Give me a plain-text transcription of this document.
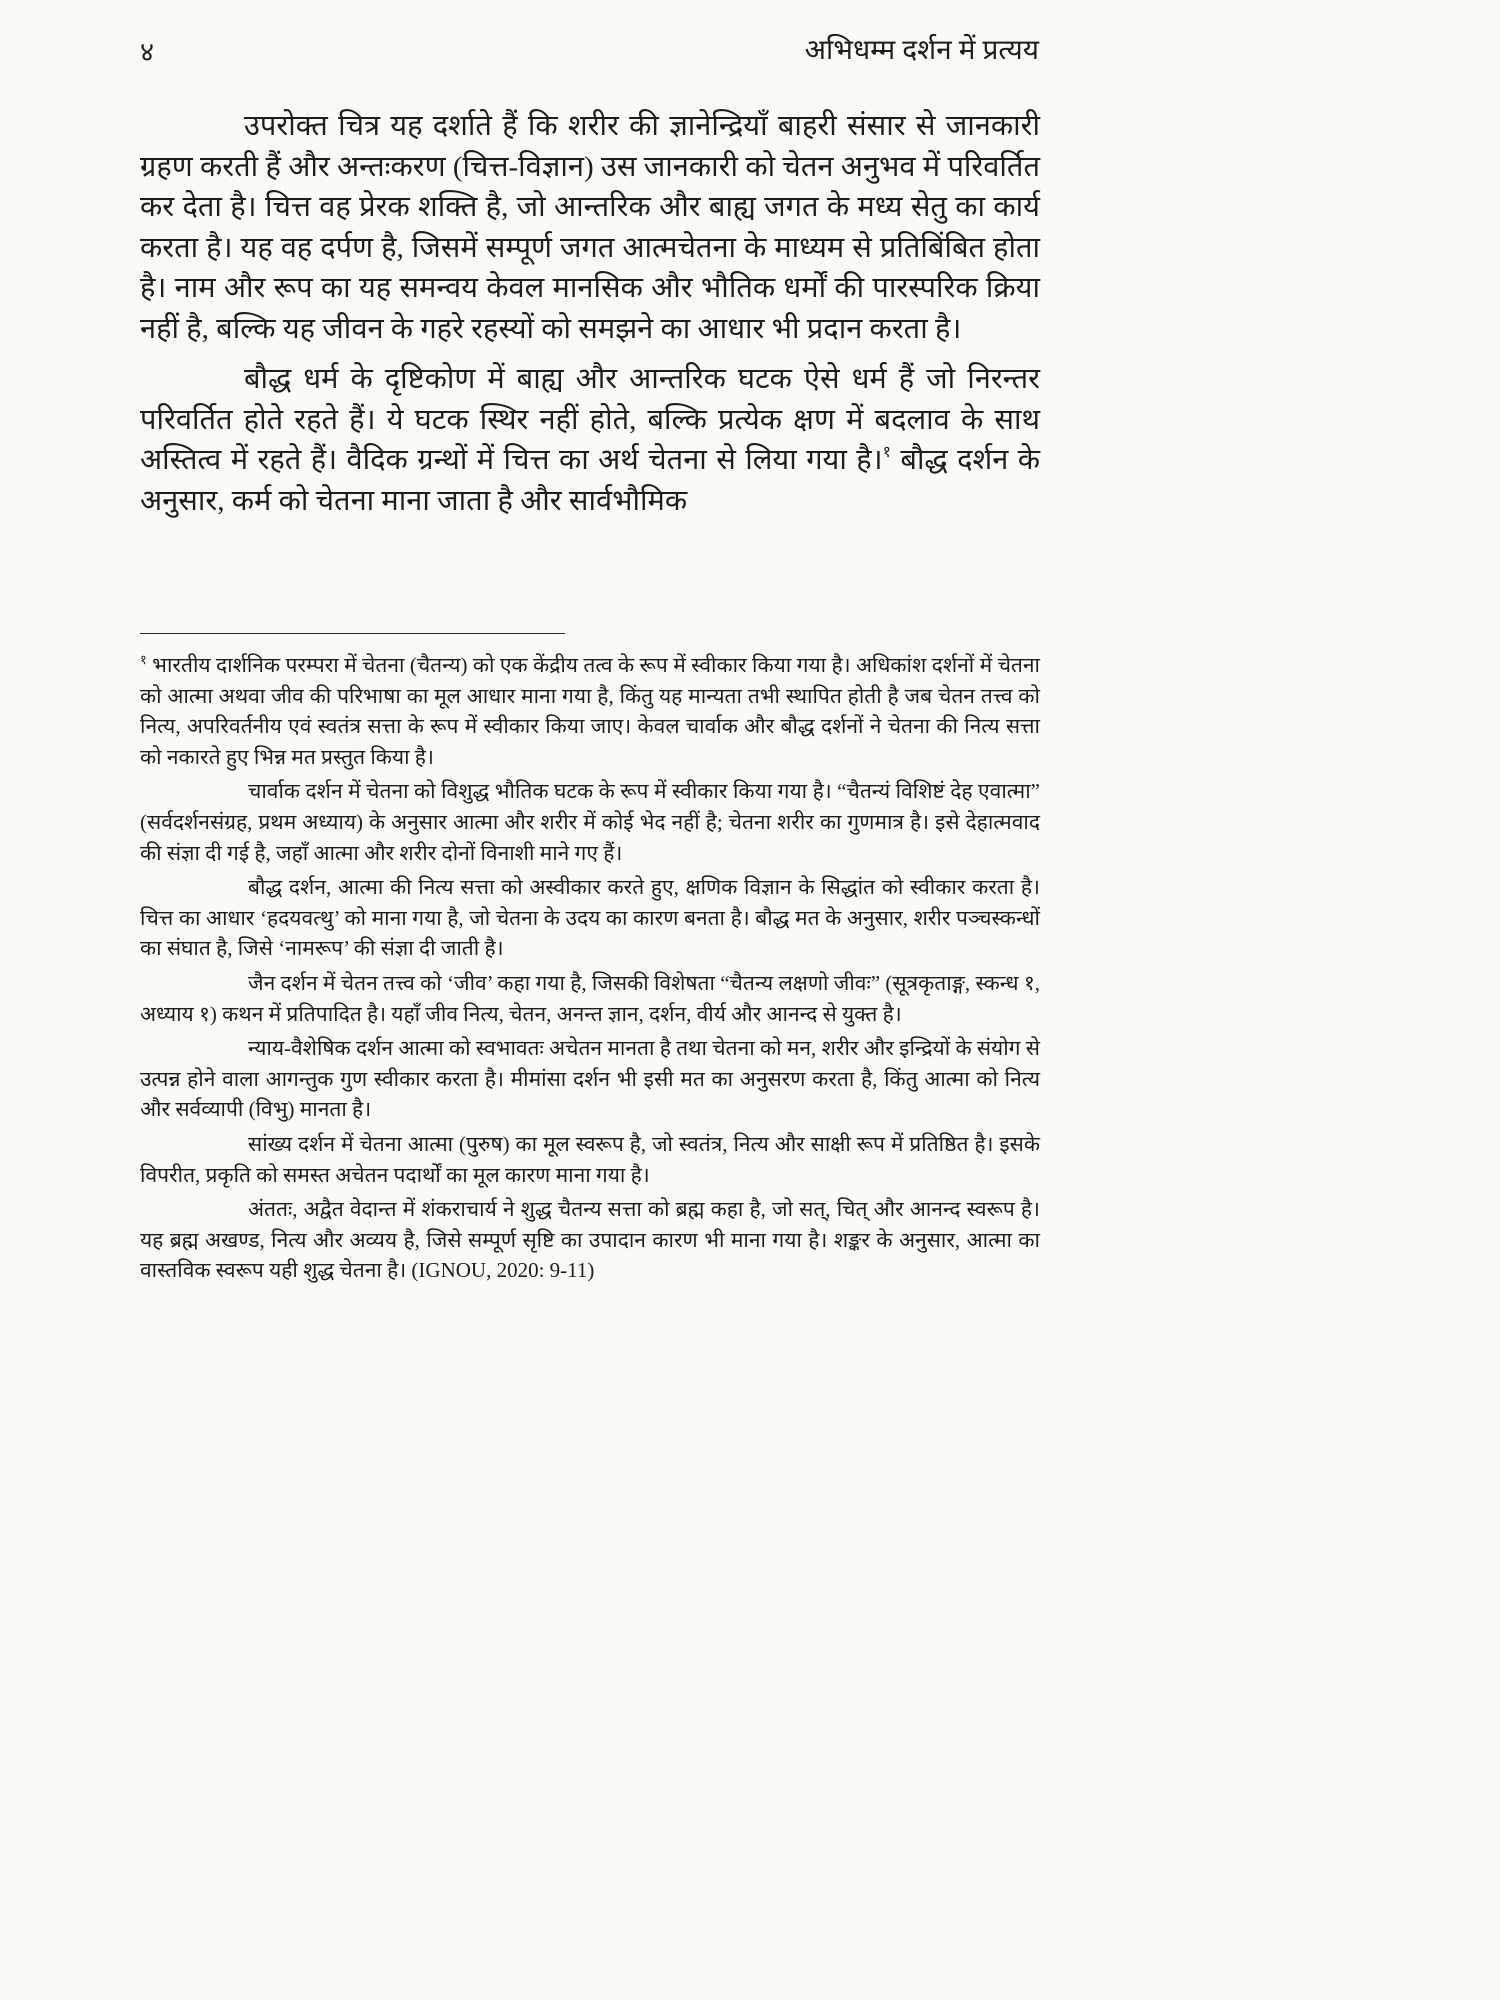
४	अभिधम्म दर्शन में प्रत्यय

उपरोक्त चित्र यह दर्शाते हैं कि शरीर की ज्ञानेन्द्रियाँ बाहरी संसार से जानकारी ग्रहण करती हैं और अन्तःकरण (चित्त-विज्ञान) उस जानकारी को चेतन अनुभव में परिवर्तित कर देता है। चित्त वह प्रेरक शक्ति है, जो आन्तरिक और बाह्य जगत के मध्य सेतु का कार्य करता है। यह वह दर्पण है, जिसमें सम्पूर्ण जगत आत्मचेतना के माध्यम से प्रतिबिंबित होता है। नाम और रूप का यह समन्वय केवल मानसिक और भौतिक धर्मों की पारस्परिक क्रिया नहीं है, बल्कि यह जीवन के गहरे रहस्यों को समझने का आधार भी प्रदान करता है।

बौद्ध धर्म के दृष्टिकोण में बाह्य और आन्तरिक घटक ऐसे धर्म हैं जो निरन्तर परिवर्तित होते रहते हैं। ये घटक स्थिर नहीं होते, बल्कि प्रत्येक क्षण में बदलाव के साथ अस्तित्व में रहते हैं। वैदिक ग्रन्थों में चित्त का अर्थ चेतना से लिया गया है।$^१$ बौद्ध दर्शन के अनुसार, कर्म को चेतना माना जाता है और सार्वभौमिक

$^१$ भारतीय दार्शनिक परम्परा में चेतना (चैतन्य) को एक केंद्रीय तत्व के रूप में स्वीकार किया गया है। अधिकांश दर्शनों में चेतना को आत्मा अथवा जीव की परिभाषा का मूल आधार माना गया है, किंतु यह मान्यता तभी स्थापित होती है जब चेतन तत्त्व को नित्य, अपरिवर्तनीय एवं स्वतंत्र सत्ता के रूप में स्वीकार किया जाए। केवल चार्वाक और बौद्ध दर्शनों ने चेतना की नित्य सत्ता को नकारते हुए भिन्न मत प्रस्तुत किया है।

चार्वाक दर्शन में चेतना को विशुद्ध भौतिक घटक के रूप में स्वीकार किया गया है। “चैतन्यं विशिष्टं देह एवात्मा” (सर्वदर्शनसंग्रह, प्रथम अध्याय) के अनुसार आत्मा और शरीर में कोई भेद नहीं है; चेतना शरीर का गुणमात्र है। इसे देहात्मवाद की संज्ञा दी गई है, जहाँ आत्मा और शरीर दोनों विनाशी माने गए हैं।

बौद्ध दर्शन, आत्मा की नित्य सत्ता को अस्वीकार करते हुए, क्षणिक विज्ञान के सिद्धांत को स्वीकार करता है। चित्त का आधार ‘हदयवत्थु’ को माना गया है, जो चेतना के उदय का कारण बनता है। बौद्ध मत के अनुसार, शरीर पञ्चस्कन्धों का संघात है, जिसे ‘नामरूप’ की संज्ञा दी जाती है।

जैन दर्शन में चेतन तत्त्व को ‘जीव’ कहा गया है, जिसकी विशेषता “चैतन्य लक्षणो जीवः” (सूत्रकृताङ्ग, स्कन्ध १, अध्याय १) कथन में प्रतिपादित है। यहाँ जीव नित्य, चेतन, अनन्त ज्ञान, दर्शन, वीर्य और आनन्द से युक्त है।

न्याय-वैशेषिक दर्शन आत्मा को स्वभावतः अचेतन मानता है तथा चेतना को मन, शरीर और इन्द्रियों के संयोग से उत्पन्न होने वाला आगन्तुक गुण स्वीकार करता है। मीमांसा दर्शन भी इसी मत का अनुसरण करता है, किंतु आत्मा को नित्य और सर्वव्यापी (विभु) मानता है।

सांख्य दर्शन में चेतना आत्मा (पुरुष) का मूल स्वरूप है, जो स्वतंत्र, नित्य और साक्षी रूप में प्रतिष्ठित है। इसके विपरीत, प्रकृति को समस्त अचेतन पदार्थों का मूल कारण माना गया है।

अंततः, अद्वैत वेदान्त में शंकराचार्य ने शुद्ध चैतन्य सत्ता को ब्रह्म कहा है, जो सत्, चित् और आनन्द स्वरूप है। यह ब्रह्म अखण्ड, नित्य और अव्यय है, जिसे सम्पूर्ण सृष्टि का उपादान कारण भी माना गया है। शङ्कर के अनुसार, आत्मा का वास्तविक स्वरूप यही शुद्ध चेतना है। (IGNOU, 2020: 9-11)
